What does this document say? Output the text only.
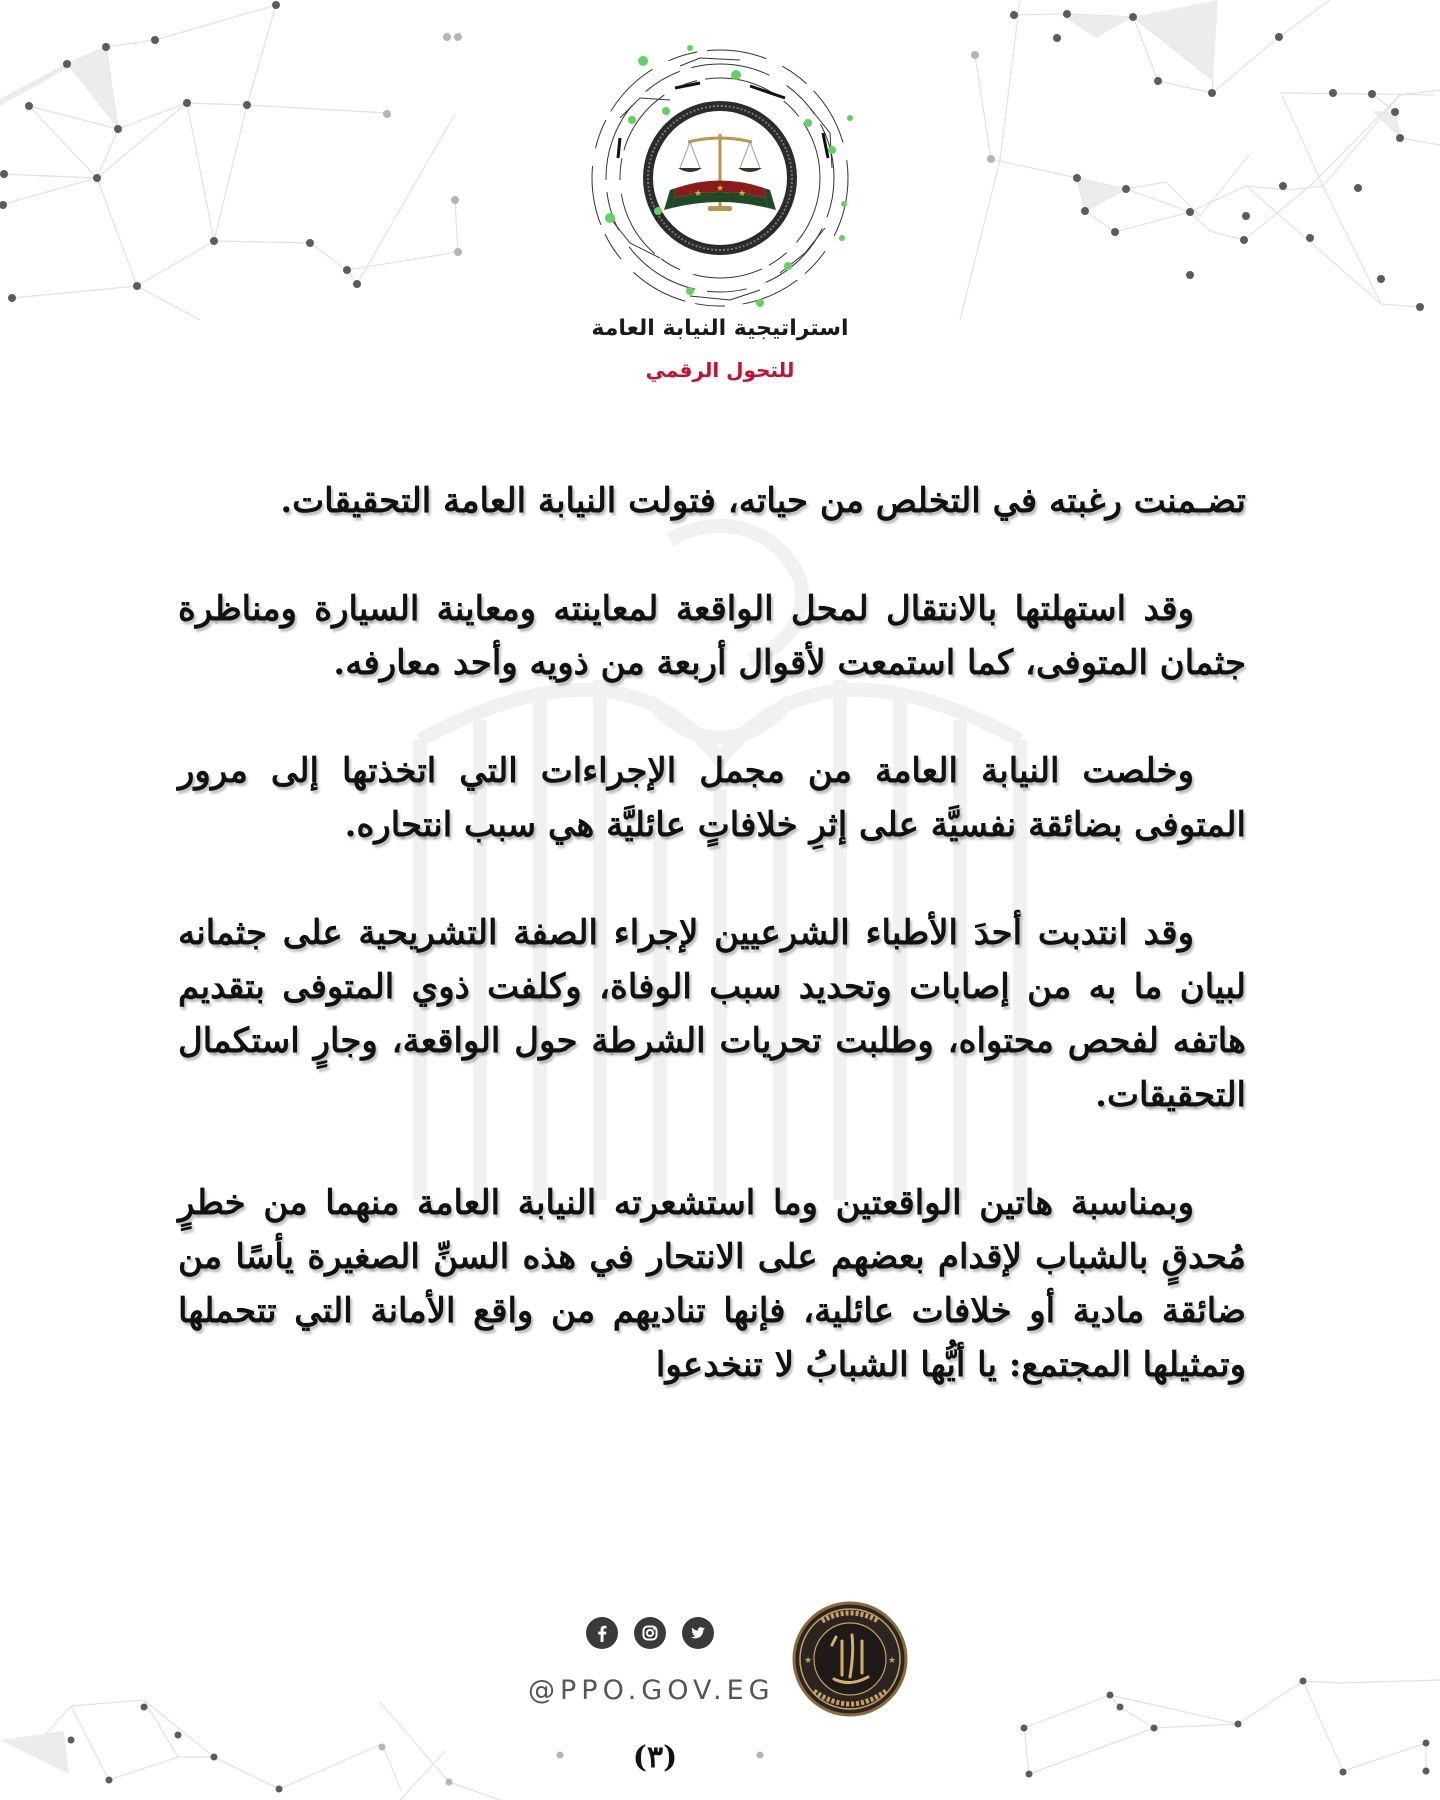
★ ★ ★
استراتيجية النيابة العامة
للتحول الرقمي

تضـمنت رغبته في التخلص من حياته، فتولت النيابة العامة التحقيقات.

وقد استهلتها بالانتقال لمحل الواقعة لمعاينته ومعاينة السيارة ومناظرة جثمان المتوفى، كما استمعت لأقوال أربعة من ذويه وأحد معارفه.

وخلصت النيابة العامة من مجمل الإجراءات التي اتخذتها إلى مرور المتوفى بضائقة نفسيَّة على إثرِ خلافاتٍ عائليَّة هي سبب انتحاره.

وقد انتدبت أحدَ الأطباء الشرعيين لإجراء الصفة التشريحية على جثمانه لبيان ما به من إصابات وتحديد سبب الوفاة، وكلفت ذوي المتوفى بتقديم هاتفه لفحص محتواه، وطلبت تحريات الشرطة حول الواقعة، وجارٍ استكمال التحقيقات.

وبمناسبة هاتين الواقعتين وما استشعرته النيابة العامة منهما من خطرٍ مُحدقٍ بالشباب لإقدام بعضهم على الانتحار في هذه السنِّ الصغيرة يأسًا من ضائقة مادية أو خلافات عائلية، فإنها تناديهم من واقع الأمانة التي تتحملها وتمثيلها المجتمع: يا أيُّها الشبابُ لا تنخدعوا

@PPO.GOV.EG
(٣)
★	★
